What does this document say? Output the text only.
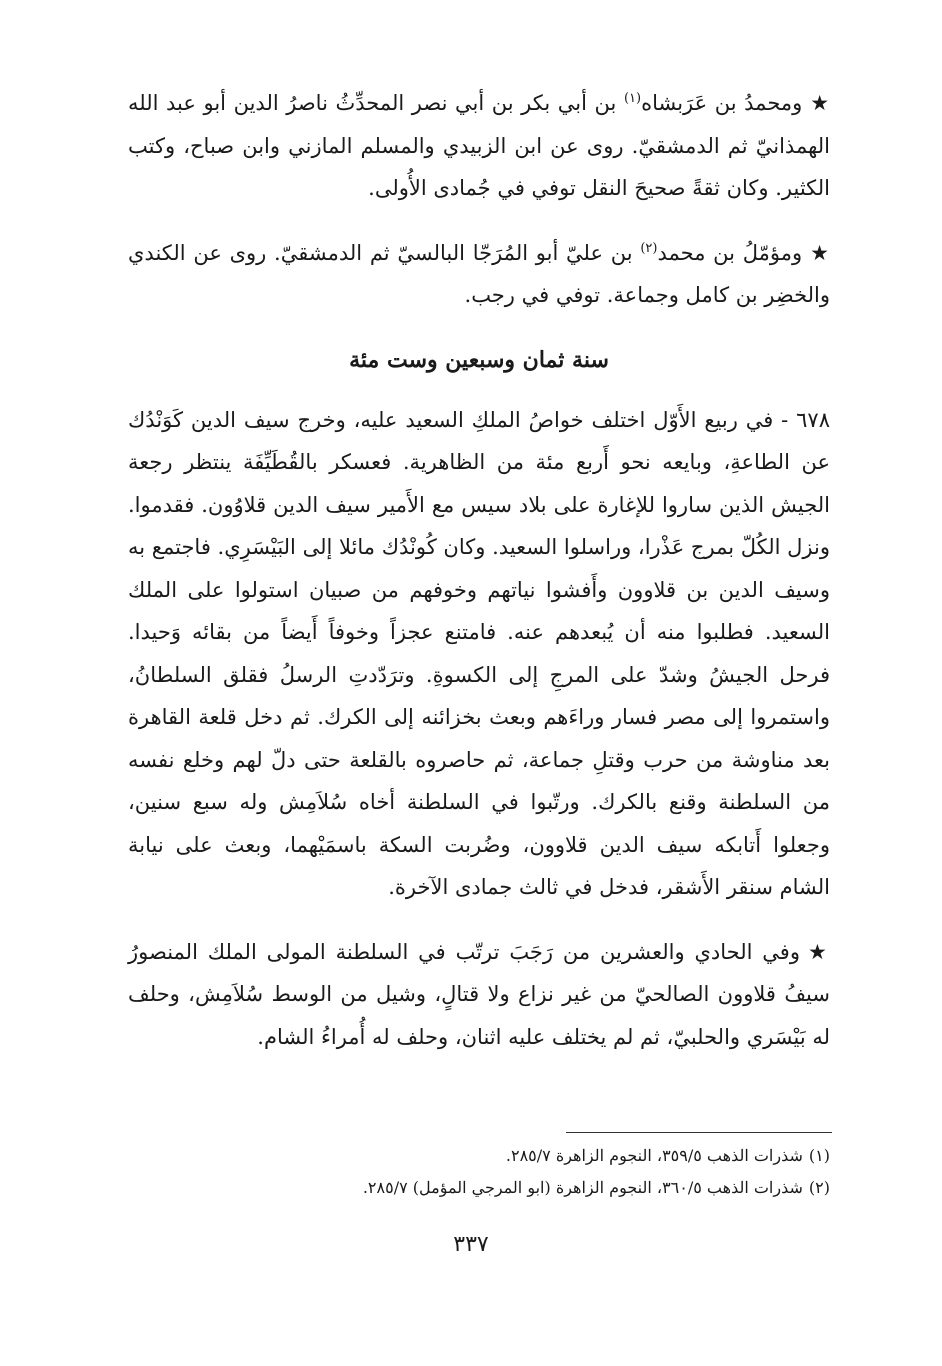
★ومحمدُ بن عَرَبشاه$^{(١)}$ بن أبي بكر بن أبي نصر المحدِّثُ ناصرُ الدين أبو عبد الله الهمذانيّ ثم الدمشقيّ. روى عن ابن الزبيدي والمسلم المازني وابن صباح، وكتب الكثير. وكان ثقةً صحيحَ النقل توفي في جُمادى الأُولى.

★ومؤمّلُ بن محمد$^{(٢)}$ بن عليّ أبو المُرَجّا البالسيّ ثم الدمشقيّ. روى عن الكندي والخضِر بن كامل وجماعة. توفي في رجب.

سنة ثمان وسبعين وست مئة

٦٧٨ - في ربيع الأَوّل اختلف خواصُ الملكِ السعيد عليه، وخرج سيف الدين كَوَنْدُك عن الطاعةِ، وبايعه نحو أَربع مئة من الظاهرية. فعسكر بالقُطَيِّفَة ينتظر رجعة الجيش الذين ساروا للإغارة على بلاد سيس مع الأَمير سيف الدين قلاوُون. فقدموا. ونزل الكُلّ بمرج عَذْرا، وراسلوا السعيد. وكان كُونْدُك مائلا إلى البَيْسَرِي. فاجتمع به وسيف الدين بن قلاوون وأَفشوا نياتهم وخوفهم من صبيان استولوا على الملك السعيد. فطلبوا منه أن يُبعدهم عنه. فامتنع عجزاً وخوفاً أَيضاً من بقائه وَحيدا. فرحل الجيشُ وشدّ على المرجِ إلى الكسوةِ. وترَدّدتِ الرسلُ فقلق السلطانُ، واستمروا إلى مصر فسار وراءَهم وبعث بخزائنه إلى الكرك. ثم دخل قلعة القاهرة بعد مناوشة من حرب وقتلِ جماعة، ثم حاصروه بالقلعة حتى دلّ لهم وخلع نفسه من السلطنة وقنع بالكرك. ورتّبوا في السلطنة أخاه سُلاَمِش وله سبع سنين، وجعلوا أَتابكه سيف الدين قلاوون، وضُربت السكة باسمَيْهما، وبعث على نيابة الشام سنقر الأَشقر، فدخل في ثالث جمادى الآخرة.

★وفي الحادي والعشرين من رَجَبَ ترتّب في السلطنة المولى الملك المنصورُ سيفُ قلاوون الصالحيّ من غير نزاع ولا قتالٍ، وشيل من الوسط سُلاَمِش، وحلف له بَيْسَري والحلبيّ، ثم لم يختلف عليه اثنان، وحلف له أُمراءُ الشام.

(١)شذرات الذهب ٣٥٩/٥، النجوم الزاهرة ٢٨٥/٧.

(٢)شذرات الذهب ٣٦٠/٥، النجوم الزاهرة (ابو المرجي المؤمل) ٢٨٥/٧.

٣٣٧
